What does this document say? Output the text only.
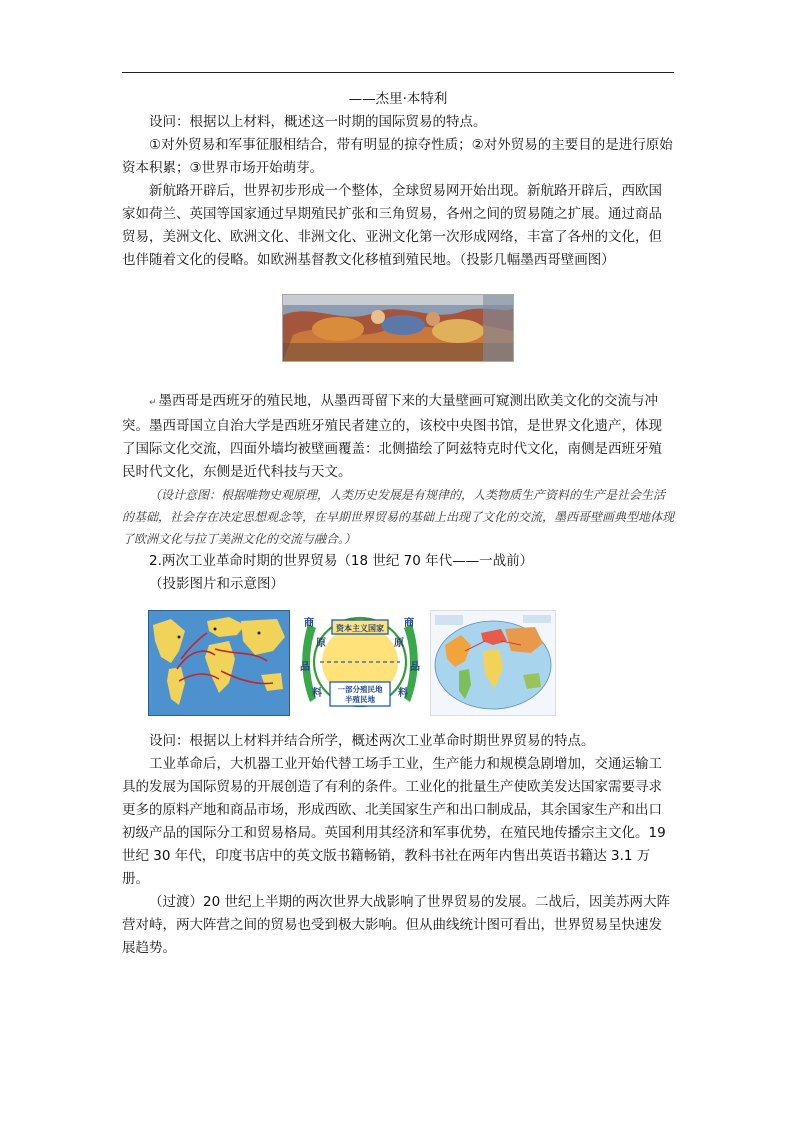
——杰里·本特利

设问：根据以上材料，概述这一时期的国际贸易的特点。

①对外贸易和军事征服相结合，带有明显的掠夺性质；②对外贸易的主要目的是进行原始资本积累；③世界市场开始萌芽。

新航路开辟后，世界初步形成一个整体，全球贸易网开始出现。新航路开辟后，西欧国家如荷兰、英国等国家通过早期殖民扩张和三角贸易，各州之间的贸易随之扩展。通过商品贸易，美洲文化、欧洲文化、非洲文化、亚洲文化第一次形成网络，丰富了各州的文化，但也伴随着文化的侵略。如欧洲基督教文化移植到殖民地。（投影几幅墨西哥壁画图）

↵ 墨西哥是西班牙的殖民地，从墨西哥留下来的大量壁画可窥测出欧美文化的交流与冲突。墨西哥国立自治大学是西班牙殖民者建立的，该校中央图书馆，是世界文化遗产，体现了国际文化交流，四面外墙均被壁画覆盖：北侧描绘了阿兹特克时代文化，南侧是西班牙殖民时代文化，东侧是近代科技与天文。

（设计意图：根据唯物史观原理，人类历史发展是有规律的，人类物质生产资料的生产是社会生活的基础，社会存在决定思想观念等，在早期世界贸易的基础上出现了文化的交流，墨西哥壁画典型地体现了欧洲文化与拉丁美洲文化的交流与融合。）

2.两次工业革命时期的世界贸易（18 世纪 70 年代——一战前）

（投影图片和示意图）

资本主义国家
商
品
商
品
原
料
原
料
一部分殖民地
半殖民地

设问：根据以上材料并结合所学，概述两次工业革命时期世界贸易的特点。

工业革命后，大机器工业开始代替工场手工业，生产能力和规模急剧增加，交通运输工具的发展为国际贸易的开展创造了有利的条件。工业化的批量生产使欧美发达国家需要寻求更多的原料产地和商品市场，形成西欧、北美国家生产和出口制成品，其余国家生产和出口初级产品的国际分工和贸易格局。英国利用其经济和军事优势，在殖民地传播宗主文化。19 世纪 30 年代，印度书店中的英文版书籍畅销，教科书社在两年内售出英语书籍达 3.1 万册。

（过渡）20 世纪上半期的两次世界大战影响了世界贸易的发展。二战后，因美苏两大阵营对峙，两大阵营之间的贸易也受到极大影响。但从曲线统计图可看出，世界贸易呈快速发展趋势。
